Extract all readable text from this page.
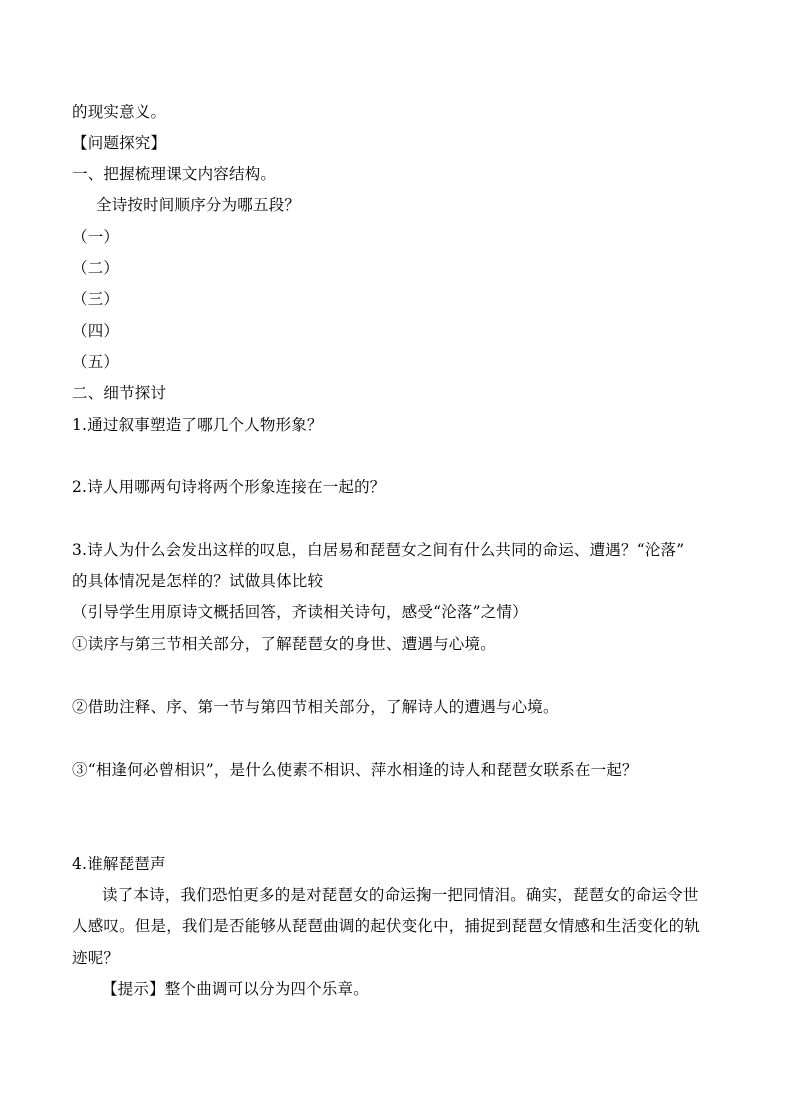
的现实意义。
【问题探究】
一、把握梳理课文内容结构。
全诗按时间顺序分为哪五段？
（一）
（二）
（三）
（四）
（五）
二、细节探讨
1.通过叙事塑造了哪几个人物形象？
2.诗人用哪两句诗将两个形象连接在一起的？
3.诗人为什么会发出这样的叹息，白居易和琵琶女之间有什么共同的命运、遭遇？“沦落”
的具体情况是怎样的？试做具体比较
（引导学生用原诗文概括回答，齐读相关诗句，感受“沦落”之情）
①读序与第三节相关部分，了解琵琶女的身世、遭遇与心境。
②借助注释、序、第一节与第四节相关部分，了解诗人的遭遇与心境。
③“相逢何必曾相识”，是什么使素不相识、萍水相逢的诗人和琵琶女联系在一起？
4.谁解琵琶声
读了本诗，我们恐怕更多的是对琵琶女的命运掬一把同情泪。确实，琵琶女的命运令世
人感叹。但是，我们是否能够从琵琶曲调的起伏变化中，捕捉到琵琶女情感和生活变化的轨
迹呢？
【提示】整个曲调可以分为四个乐章。
